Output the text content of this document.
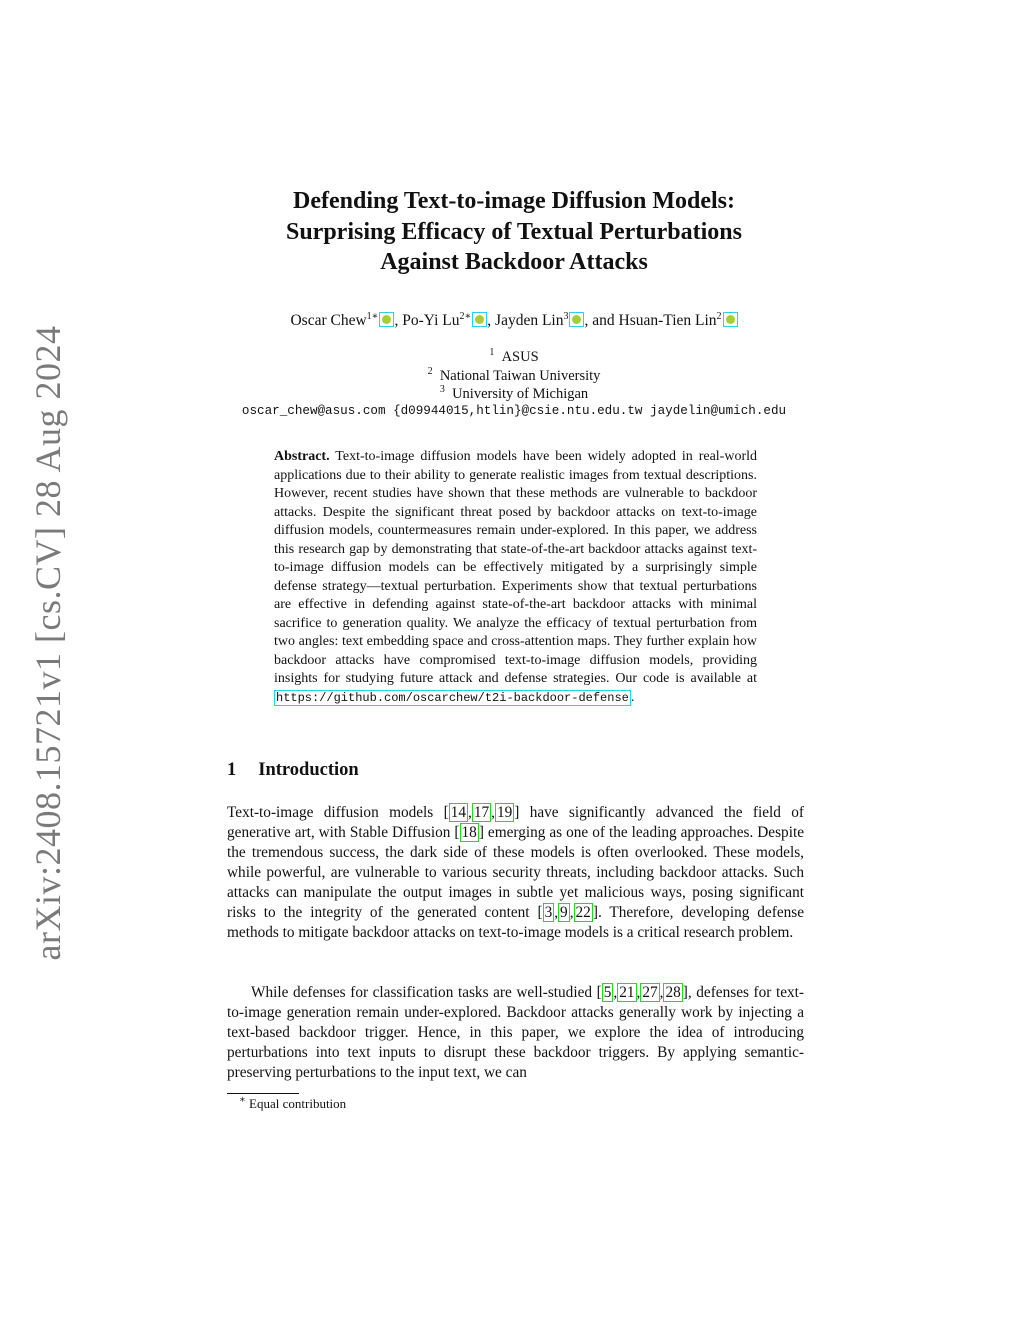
arXiv:2408.15721v1 [cs.CV] 28 Aug 2024
Defending Text-to-image Diffusion Models:
Surprising Efficacy of Textual Perturbations
Against Backdoor Attacks
Oscar Chew$^{1∗}$ , Po-Yi $Lu^{2∗}$ , Jayden Lin$^3$ , and Hsuan-Tien Lin$^2$
$^1$ ASUS
$^2$ National Taiwan University
$^3$ University of Michigan
oscar_chew@asus.com {d09944015,htlin}@csie.ntu.edu.tw jaydelin@umich.edu
Abstract. Text-to-image diffusion models have been widely adopted in real-world applications due to their ability to generate realistic images from textual descriptions. However, recent studies have shown that these methods are vulnerable to backdoor attacks. Despite the significant threat posed by backdoor attacks on text-to-image diffusion models, countermeasures remain under-explored. In this paper, we address this research gap by demonstrating that state-of-the-art backdoor attacks against text-to-image diffusion models can be effectively mitigated by a surprisingly simple defense strategy—textual perturbation. Experiments show that textual perturbations are effective in defending against state-of-the-art backdoor attacks with minimal sacrifice to generation quality. We analyze the efficacy of textual perturbation from two angles: text embedding space and cross-attention maps. They further explain how backdoor attacks have compromised text-to-image diffusion models, providing insights for studying future attack and defense strategies. Our code is available at https://github.com/oscarchew/t2i-backdoor-defense .
1 Introduction
Text-to-image diffusion models [ 14 , 17 , 19 ] have significantly advanced the field of generative art, with Stable Diffusion [ 18 ] emerging as one of the leading approaches. Despite the tremendous success, the dark side of these models is often overlooked. These models, while powerful, are vulnerable to various security threats, including backdoor attacks. Such attacks can manipulate the output images in subtle yet malicious ways, posing significant risks to the integrity of the generated content [ 3 , 9 , 22 ]. Therefore, developing defense methods to mitigate backdoor attacks on text-to-image models is a critical research problem.
While defenses for classification tasks are well-studied [ 5 , 21 , 27 , 28 ], defenses for text-to-image generation remain under-explored. Backdoor attacks generally work by injecting a text-based backdoor trigger. Hence, in this paper, we explore the idea of introducing perturbations into text inputs to disrupt these backdoor triggers. By applying semantic-preserving perturbations to the input text, we can
∗ Equal contribution
